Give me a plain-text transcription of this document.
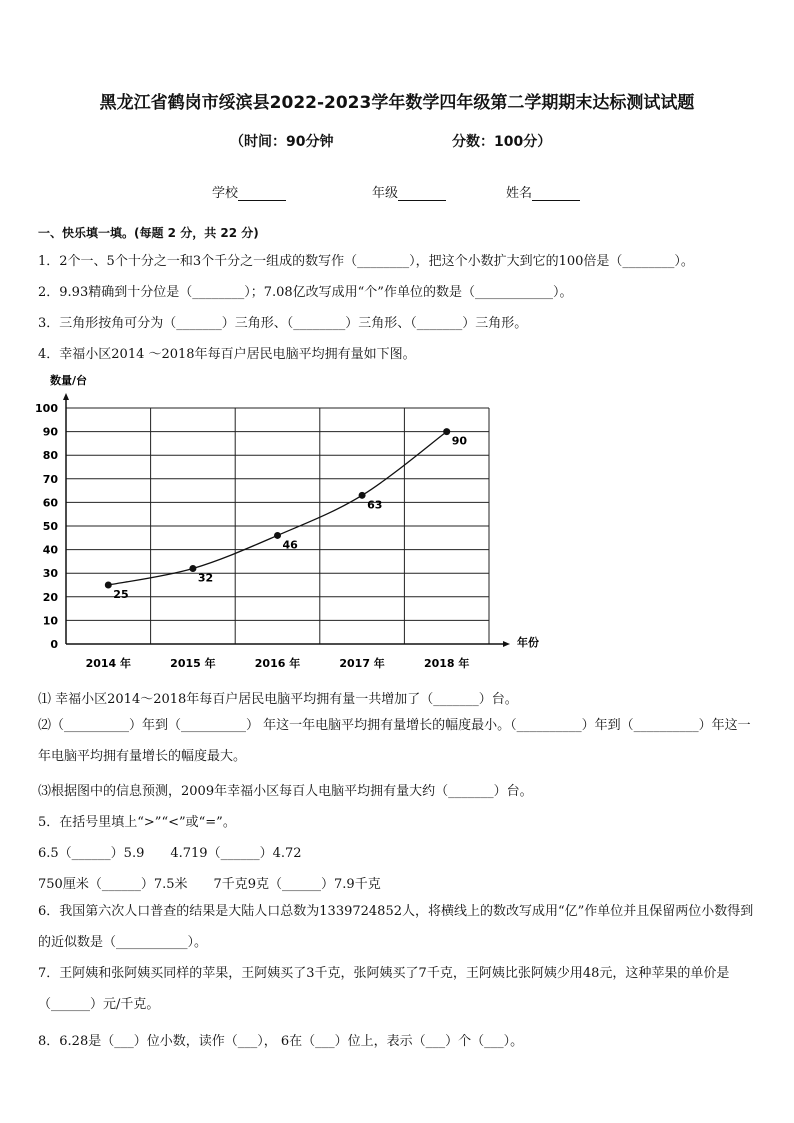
黑龙江省鹤岗市绥滨县2022-2023学年数学四年级第二学期期末达标测试试题
（时间：90分钟	分数：100分）
学校	年级	姓名
一、快乐填一填。(每题 2 分，共 22 分)
1．2个一、5个十分之一和3个千分之一组成的数写作（________），把这个小数扩大到它的100倍是（________）。
2．9.93精确到十分位是（________）；7.08亿改写成用“个”作单位的数是（____________）。
3．三角形按角可分为（_______）三角形、（________）三角形、（_______）三角形。
4．幸福小区2014 ～2018年每百户居民电脑平均拥有量如下图。
数量/台
年份
0
10
20
30
40
50
60
70
80
90
100
2014 年	2015 年	2016 年	2017 年	2018 年
25
32
46
63
90
⑴ 幸福小区2014～2018年每百户居民电脑平均拥有量一共增加了（_______）台。
⑵（__________）年到（__________） 年这一年电脑平均拥有量增长的幅度最小。（__________）年到（__________）年这一年电脑平均拥有量增长的幅度最大。
⑶根据图中的信息预测，2009年幸福小区每百人电脑平均拥有量大约（_______）台。
5．在括号里填上“>”“<”或“=”。
6.5（______）5.9　　4.719（______）4.72
750厘米（______）7.5米　　7千克9克（______）7.9千克
6．我国第六次人口普查的结果是大陆人口总数为1339724852人，将横线上的数改写成用“亿”作单位并且保留两位小数得到的近似数是（___________）。
7．王阿姨和张阿姨买同样的苹果，王阿姨买了3千克，张阿姨买了7千克，王阿姨比张阿姨少用48元，这种苹果的单价是（______）元/千克。
8．6.28是（___）位小数，读作（___）， 6在（___）位上，表示（___）个（___）。
